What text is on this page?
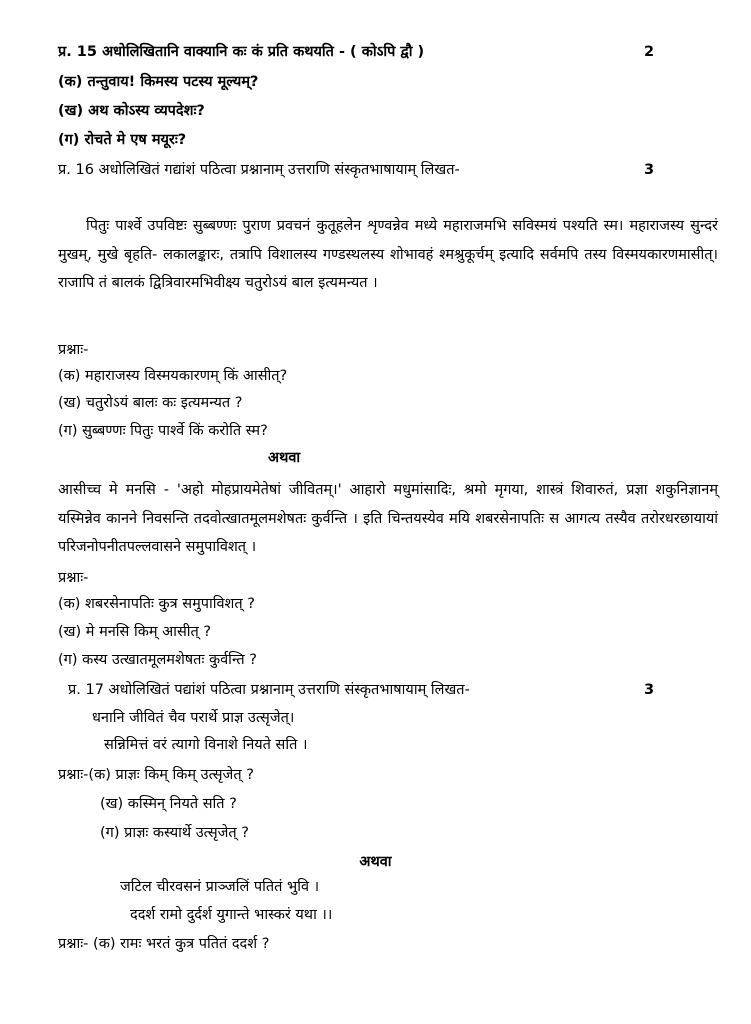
प्र. 15 अधोलिखितानि वाक्यानि कः कं प्रति कथयति - ( कोऽपि द्वौ )	2
(क) तन्तुवाय! किमस्य पटस्य मूल्यम्?
(ख) अथ कोऽस्य व्यपदेशः?
(ग) रोचते मे एष मयूरः?
प्र. 16 अधोलिखितं गद्यांशं पठित्वा प्रश्नानाम् उत्तराणि संस्कृतभाषायाम् लिखत-	3
पितुः पार्श्वे उपविष्टः सुब्बण्णः पुराण प्रवचनं कुतूहलेन शृण्वन्नेव मध्ये महाराजमभि सविस्मयं पश्यति स्म। महाराजस्य सुन्दरं मुखम्, मुखे बृहति- लकालङ्कारः, तत्रापि विशालस्य गण्डस्थलस्य शोभावहं श्मश्रुकूर्चम् इत्यादि सर्वमपि तस्य विस्मयकारणमासीत्। राजापि तं बालकं द्वित्रिवारमभिवीक्ष्य चतुरोऽयं बाल इत्यमन्यत ।
प्रश्नाः-
(क) महाराजस्य विस्मयकारणम् किं आसीत्?
(ख) चतुरोऽयं बालः कः इत्यमन्यत ?
(ग) सुब्बण्णः पितुः पार्श्वे किं करोति स्म?
अथवा
आसीच्च मे मनसि - 'अहो मोहप्रायमेतेषां जीवितम्।' आहारो मधुमांसादिः, श्रमो मृगया, शास्त्रं शिवारुतं, प्रज्ञा शकुनिज्ञानम् यस्मिन्नेव कानने निवसन्ति तदवोत्खातमूलमशेषतः कुर्वन्ति । इति चिन्तयस्येव मयि शबरसेनापतिः स आगत्य तस्यैव तरोरधरछायायां परिजनोपनीतपल्लवासने समुपाविशत् ।
प्रश्नाः-
(क) शबरसेनापतिः कुत्र समुपाविशत् ?
(ख) मे मनसि किम् आसीत् ?
(ग) कस्य उत्खातमूलमशेषतः कुर्वन्ति ?
प्र. 17 अधोलिखितं पद्यांशं पठित्वा प्रश्नानाम् उत्तराणि संस्कृतभाषायाम् लिखत-	3
धनानि जीवितं चैव परार्थे प्राज्ञ उत्सृजेत्।
सन्निमित्तं वरं त्यागो विनाशे नियते सति ।
प्रश्नाः-(क) प्राज्ञः किम् किम् उत्सृजेत् ?
(ख) कस्मिन् नियते सति ?
(ग) प्राज्ञः कस्यार्थे उत्सृजेत् ?
अथवा
जटिल चीरवसनं प्राञ्जलिं पतितं भुवि ।
ददर्श रामो दुर्दर्श युगान्ते भास्करं यथा ।।
प्रश्नाः- (क) रामः भरतं कुत्र पतितं ददर्श ?
